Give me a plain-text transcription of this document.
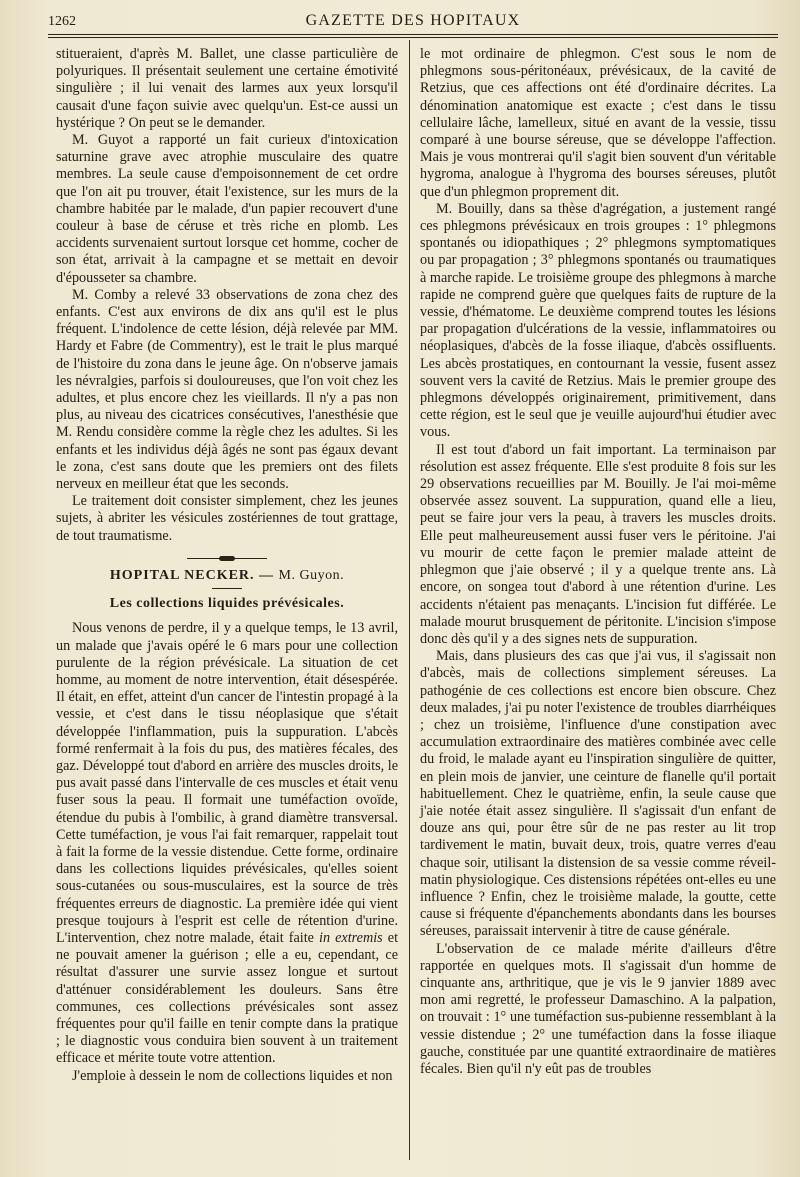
1262	GAZETTE DES HOPITAUX

stitueraient, d'après M. Ballet, une classe particulière de polyuriques. Il présentait seulement une certaine émotivité singulière ; il lui venait des larmes aux yeux lorsqu'il causait d'une façon suivie avec quelqu'un. Est-ce aussi un hystérique ? On peut se le demander.

M. Guyot a rapporté un fait curieux d'intoxication saturnine grave avec atrophie musculaire des quatre membres. La seule cause d'empoisonnement de cet ordre que l'on ait pu trouver, était l'existence, sur les murs de la chambre habitée par le malade, d'un papier recouvert d'une couleur à base de céruse et très riche en plomb. Les accidents survenaient surtout lorsque cet homme, cocher de son état, arrivait à la campagne et se mettait en devoir d'épousseter sa chambre.

M. Comby a relevé 33 observations de zona chez des enfants. C'est aux environs de dix ans qu'il est le plus fréquent. L'indolence de cette lésion, déjà relevée par MM. Hardy et Fabre (de Commentry), est le trait le plus marqué de l'histoire du zona dans le jeune âge. On n'observe jamais les névralgies, parfois si douloureuses, que l'on voit chez les adultes, et plus encore chez les vieillards. Il n'y a pas non plus, au niveau des cicatrices consécutives, l'anesthésie que M. Rendu considère comme la règle chez les adultes. Si les enfants et les individus déjà âgés ne sont pas égaux devant le zona, c'est sans doute que les premiers ont des filets nerveux en meilleur état que les seconds.

Le traitement doit consister simplement, chez les jeunes sujets, à abriter les vésicules zostériennes de tout grattage, de tout traumatisme.

HOPITAL NECKER. — M. Guyon.
Les collections liquides prévésicales.

Nous venons de perdre, il y a quelque temps, le 13 avril, un malade que j'avais opéré le 6 mars pour une collection purulente de la région prévésicale. La situation de cet homme, au moment de notre intervention, était désespérée. Il était, en effet, atteint d'un cancer de l'intestin propagé à la vessie, et c'est dans le tissu néoplasique que s'était développée l'inflammation, puis la suppuration. L'abcès formé renfermait à la fois du pus, des matières fécales, des gaz. Développé tout d'abord en arrière des muscles droits, le pus avait passé dans l'intervalle de ces muscles et était venu fuser sous la peau. Il formait une tuméfaction ovoïde, étendue du pubis à l'ombilic, à grand diamètre transversal. Cette tuméfaction, je vous l'ai fait remarquer, rappelait tout à fait la forme de la vessie distendue. Cette forme, ordinaire dans les collections liquides prévésicales, qu'elles soient sous-cutanées ou sous-musculaires, est la source de très fréquentes erreurs de diagnostic. La première idée qui vient presque toujours à l'esprit est celle de rétention d'urine. L'intervention, chez notre malade, était faite in extremis et ne pouvait amener la guérison ; elle a eu, cependant, ce résultat d'assurer une survie assez longue et surtout d'atténuer considérablement les douleurs. Sans être communes, ces collections prévésicales sont assez fréquentes pour qu'il faille en tenir compte dans la pratique ; le diagnostic vous conduira bien souvent à un traitement efficace et mérite toute votre attention.

J'emploie à dessein le nom de collections liquides et non

le mot ordinaire de phlegmon. C'est sous le nom de phlegmons sous-péritonéaux, prévésicaux, de la cavité de Retzius, que ces affections ont été d'ordinaire décrites. La dénomination anatomique est exacte ; c'est dans le tissu cellulaire lâche, lamelleux, situé en avant de la vessie, tissu comparé à une bourse séreuse, que se développe l'affection. Mais je vous montrerai qu'il s'agit bien souvent d'un véritable hygroma, analogue à l'hygroma des bourses séreuses, plutôt que d'un phlegmon proprement dit.

M. Bouilly, dans sa thèse d'agrégation, a justement rangé ces phlegmons prévésicaux en trois groupes : 1° phlegmons spontanés ou idiopathiques ; 2° phlegmons symptomatiques ou par propagation ; 3° phlegmons spontanés ou traumatiques à marche rapide. Le troisième groupe des phlegmons à marche rapide ne comprend guère que quelques faits de rupture de la vessie, d'hématome. Le deuxième comprend toutes les lésions par propagation d'ulcérations de la vessie, inflammatoires ou néoplasiques, d'abcès de la fosse iliaque, d'abcès ossifluents. Les abcès prostatiques, en contournant la vessie, fusent assez souvent vers la cavité de Retzius. Mais le premier groupe des phlegmons développés originairement, primitivement, dans cette région, est le seul que je veuille aujourd'hui étudier avec vous.

Il est tout d'abord un fait important. La terminaison par résolution est assez fréquente. Elle s'est produite 8 fois sur les 29 observations recueillies par M. Bouilly. Je l'ai moi-même observée assez souvent. La suppuration, quand elle a lieu, peut se faire jour vers la peau, à travers les muscles droits. Elle peut malheureusement aussi fuser vers le péritoine. J'ai vu mourir de cette façon le premier malade atteint de phlegmon que j'aie observé ; il y a quelque trente ans. Là encore, on songea tout d'abord à une rétention d'urine. Les accidents n'étaient pas menaçants. L'incision fut différée. Le malade mourut brusquement de péritonite. L'incision s'impose donc dès qu'il y a des signes nets de suppuration.

Mais, dans plusieurs des cas que j'ai vus, il s'agissait non d'abcès, mais de collections simplement séreuses. La pathogénie de ces collections est encore bien obscure. Chez deux malades, j'ai pu noter l'existence de troubles diarrhéiques ; chez un troisième, l'influence d'une constipation avec accumulation extraordinaire des matières combinée avec celle du froid, le malade ayant eu l'inspiration singulière de quitter, en plein mois de janvier, une ceinture de flanelle qu'il portait habituellement. Chez le quatrième, enfin, la seule cause que j'aie notée était assez singulière. Il s'agissait d'un enfant de douze ans qui, pour être sûr de ne pas rester au lit trop tardivement le matin, buvait deux, trois, quatre verres d'eau chaque soir, utilisant la distension de sa vessie comme réveil-matin physiologique. Ces distensions répétées ont-elles eu une influence ? Enfin, chez le troisième malade, la goutte, cette cause si fréquente d'épanchements abondants dans les bourses séreuses, paraissait intervenir à titre de cause générale.

L'observation de ce malade mérite d'ailleurs d'être rapportée en quelques mots. Il s'agissait d'un homme de cinquante ans, arthritique, que je vis le 9 janvier 1889 avec mon ami regretté, le professeur Damaschino. A la palpation, on trouvait : 1° une tuméfaction sus-pubienne ressemblant à la vessie distendue ; 2° une tuméfaction dans la fosse iliaque gauche, constituée par une quantité extraordinaire de matières fécales. Bien qu'il n'y eût pas de troubles
